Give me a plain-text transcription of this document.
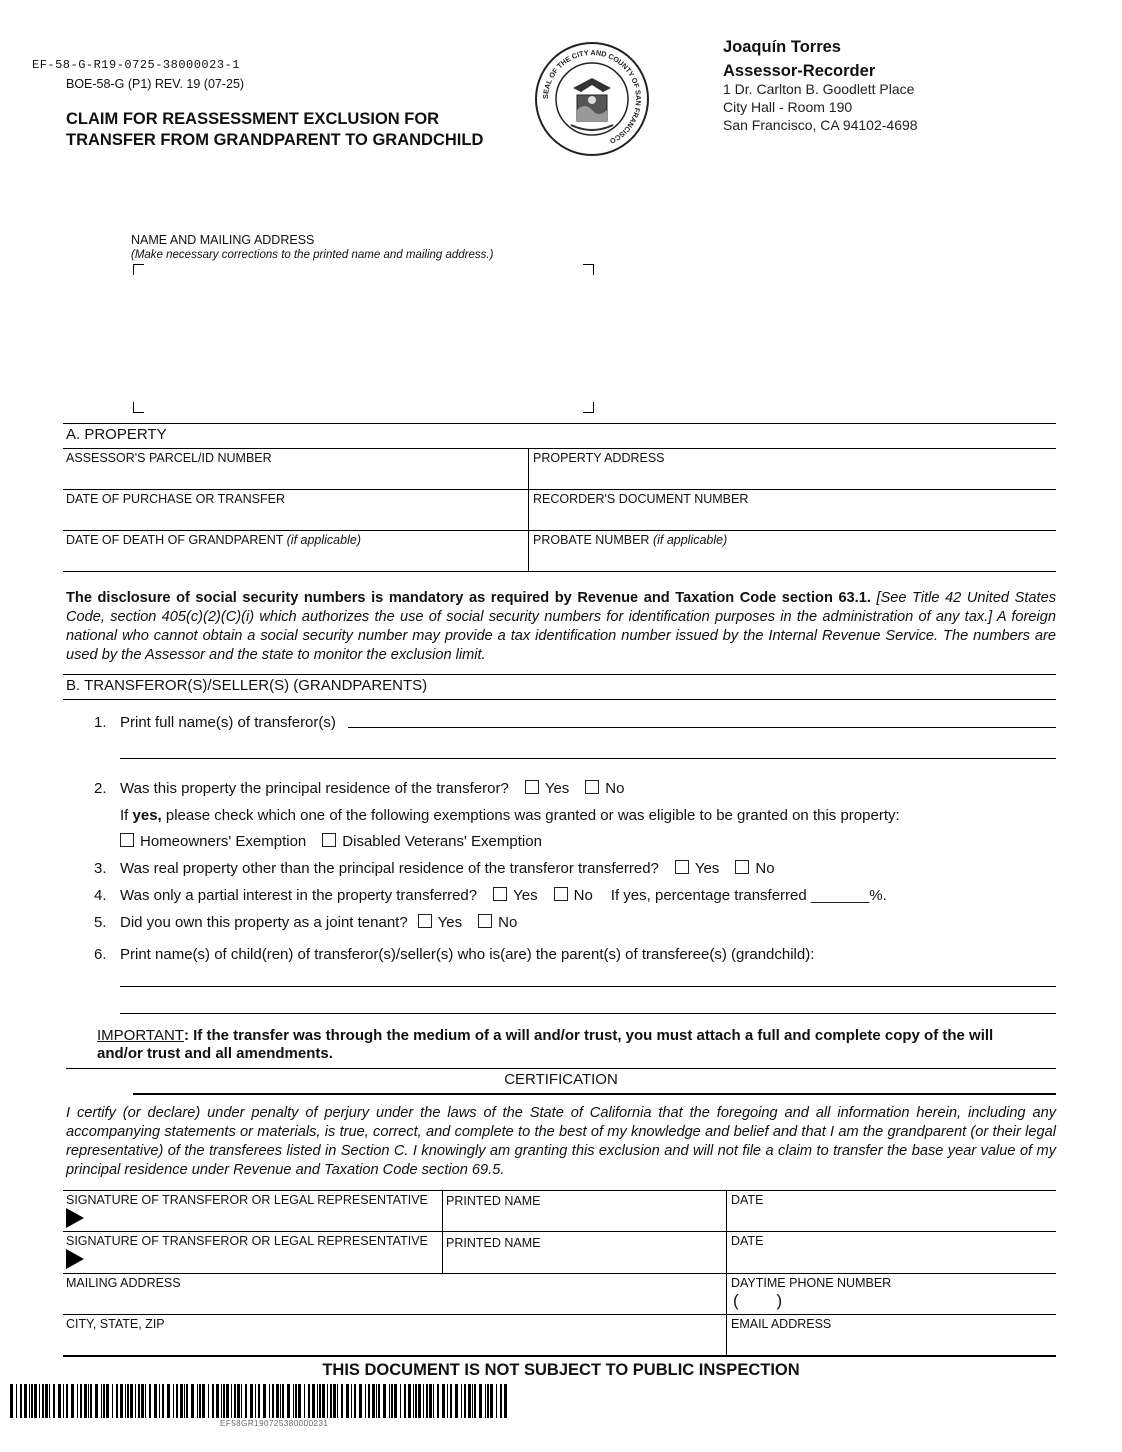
EF-58-G-R19-0725-38000023-1
BOE-58-G (P1) REV. 19 (07-25)
CLAIM FOR REASSESSMENT EXCLUSION FOR
TRANSFER FROM GRANDPARENT TO GRANDCHILD
SEAL OF THE CITY AND COUNTY OF SAN FRANCISCO
Joaquín Torres
Assessor-Recorder
1 Dr. Carlton B. Goodlett Place
City Hall - Room 190
San Francisco, CA 94102-4698
NAME AND MAILING ADDRESS
(Make necessary corrections to the printed name and mailing address.)
A. PROPERTY
ASSESSOR'S PARCEL/ID NUMBER	PROPERTY ADDRESS
DATE OF PURCHASE OR TRANSFER	RECORDER'S DOCUMENT NUMBER
DATE OF DEATH OF GRANDPARENT (if applicable)	PROBATE NUMBER (if applicable)
The disclosure of social security numbers is mandatory as required by Revenue and Taxation Code section 63.1. [See Title 42 United States Code, section 405(c)(2)(C)(i) which authorizes the use of social security numbers for identification purposes in the administration of any tax.] A foreign national who cannot obtain a social security number may provide a tax identification number issued by the Internal Revenue Service. The numbers are used by the Assessor and the state to monitor the exclusion limit.
B. TRANSFEROR(S)/SELLER(S) (GRANDPARENTS)
1. Print full name(s) of transferor(s)
2. Was this property the principal residence of the transferor? Yes No
If yes, please check which one of the following exemptions was granted or was eligible to be granted on this property:
Homeowners' Exemption Disabled Veterans' Exemption
3. Was real property other than the principal residence of the transferor transferred? Yes No
4. Was only a partial interest in the property transferred? Yes No If yes, percentage transferred _______%.
5. Did you own this property as a joint tenant? Yes No
6. Print name(s) of child(ren) of transferor(s)/seller(s) who is(are) the parent(s) of transferee(s) (grandchild):
IMPORTANT: If the transfer was through the medium of a will and/or trust, you must attach a full and complete copy of the will
and/or trust and all amendments.
CERTIFICATION
I certify (or declare) under penalty of perjury under the laws of the State of California that the foregoing and all information herein, including any accompanying statements or materials, is true, correct, and complete to the best of my knowledge and belief and that I am the grandparent (or their legal representative) of the transferees listed in Section C. I knowingly am granting this exclusion and will not file a claim to transfer the base year value of my principal residence under Revenue and Taxation Code section 69.5.
SIGNATURE OF TRANSFEROR OR LEGAL REPRESENTATIVE PRINTED NAME	DATE
SIGNATURE OF TRANSFEROR OR LEGAL REPRESENTATIVE PRINTED NAME	DATE
MAILING ADDRESS	DAYTIME PHONE NUMBER
(        )
CITY, STATE, ZIP	EMAIL ADDRESS
THIS DOCUMENT IS NOT SUBJECT TO PUBLIC INSPECTION
EF58GR190725380000231
